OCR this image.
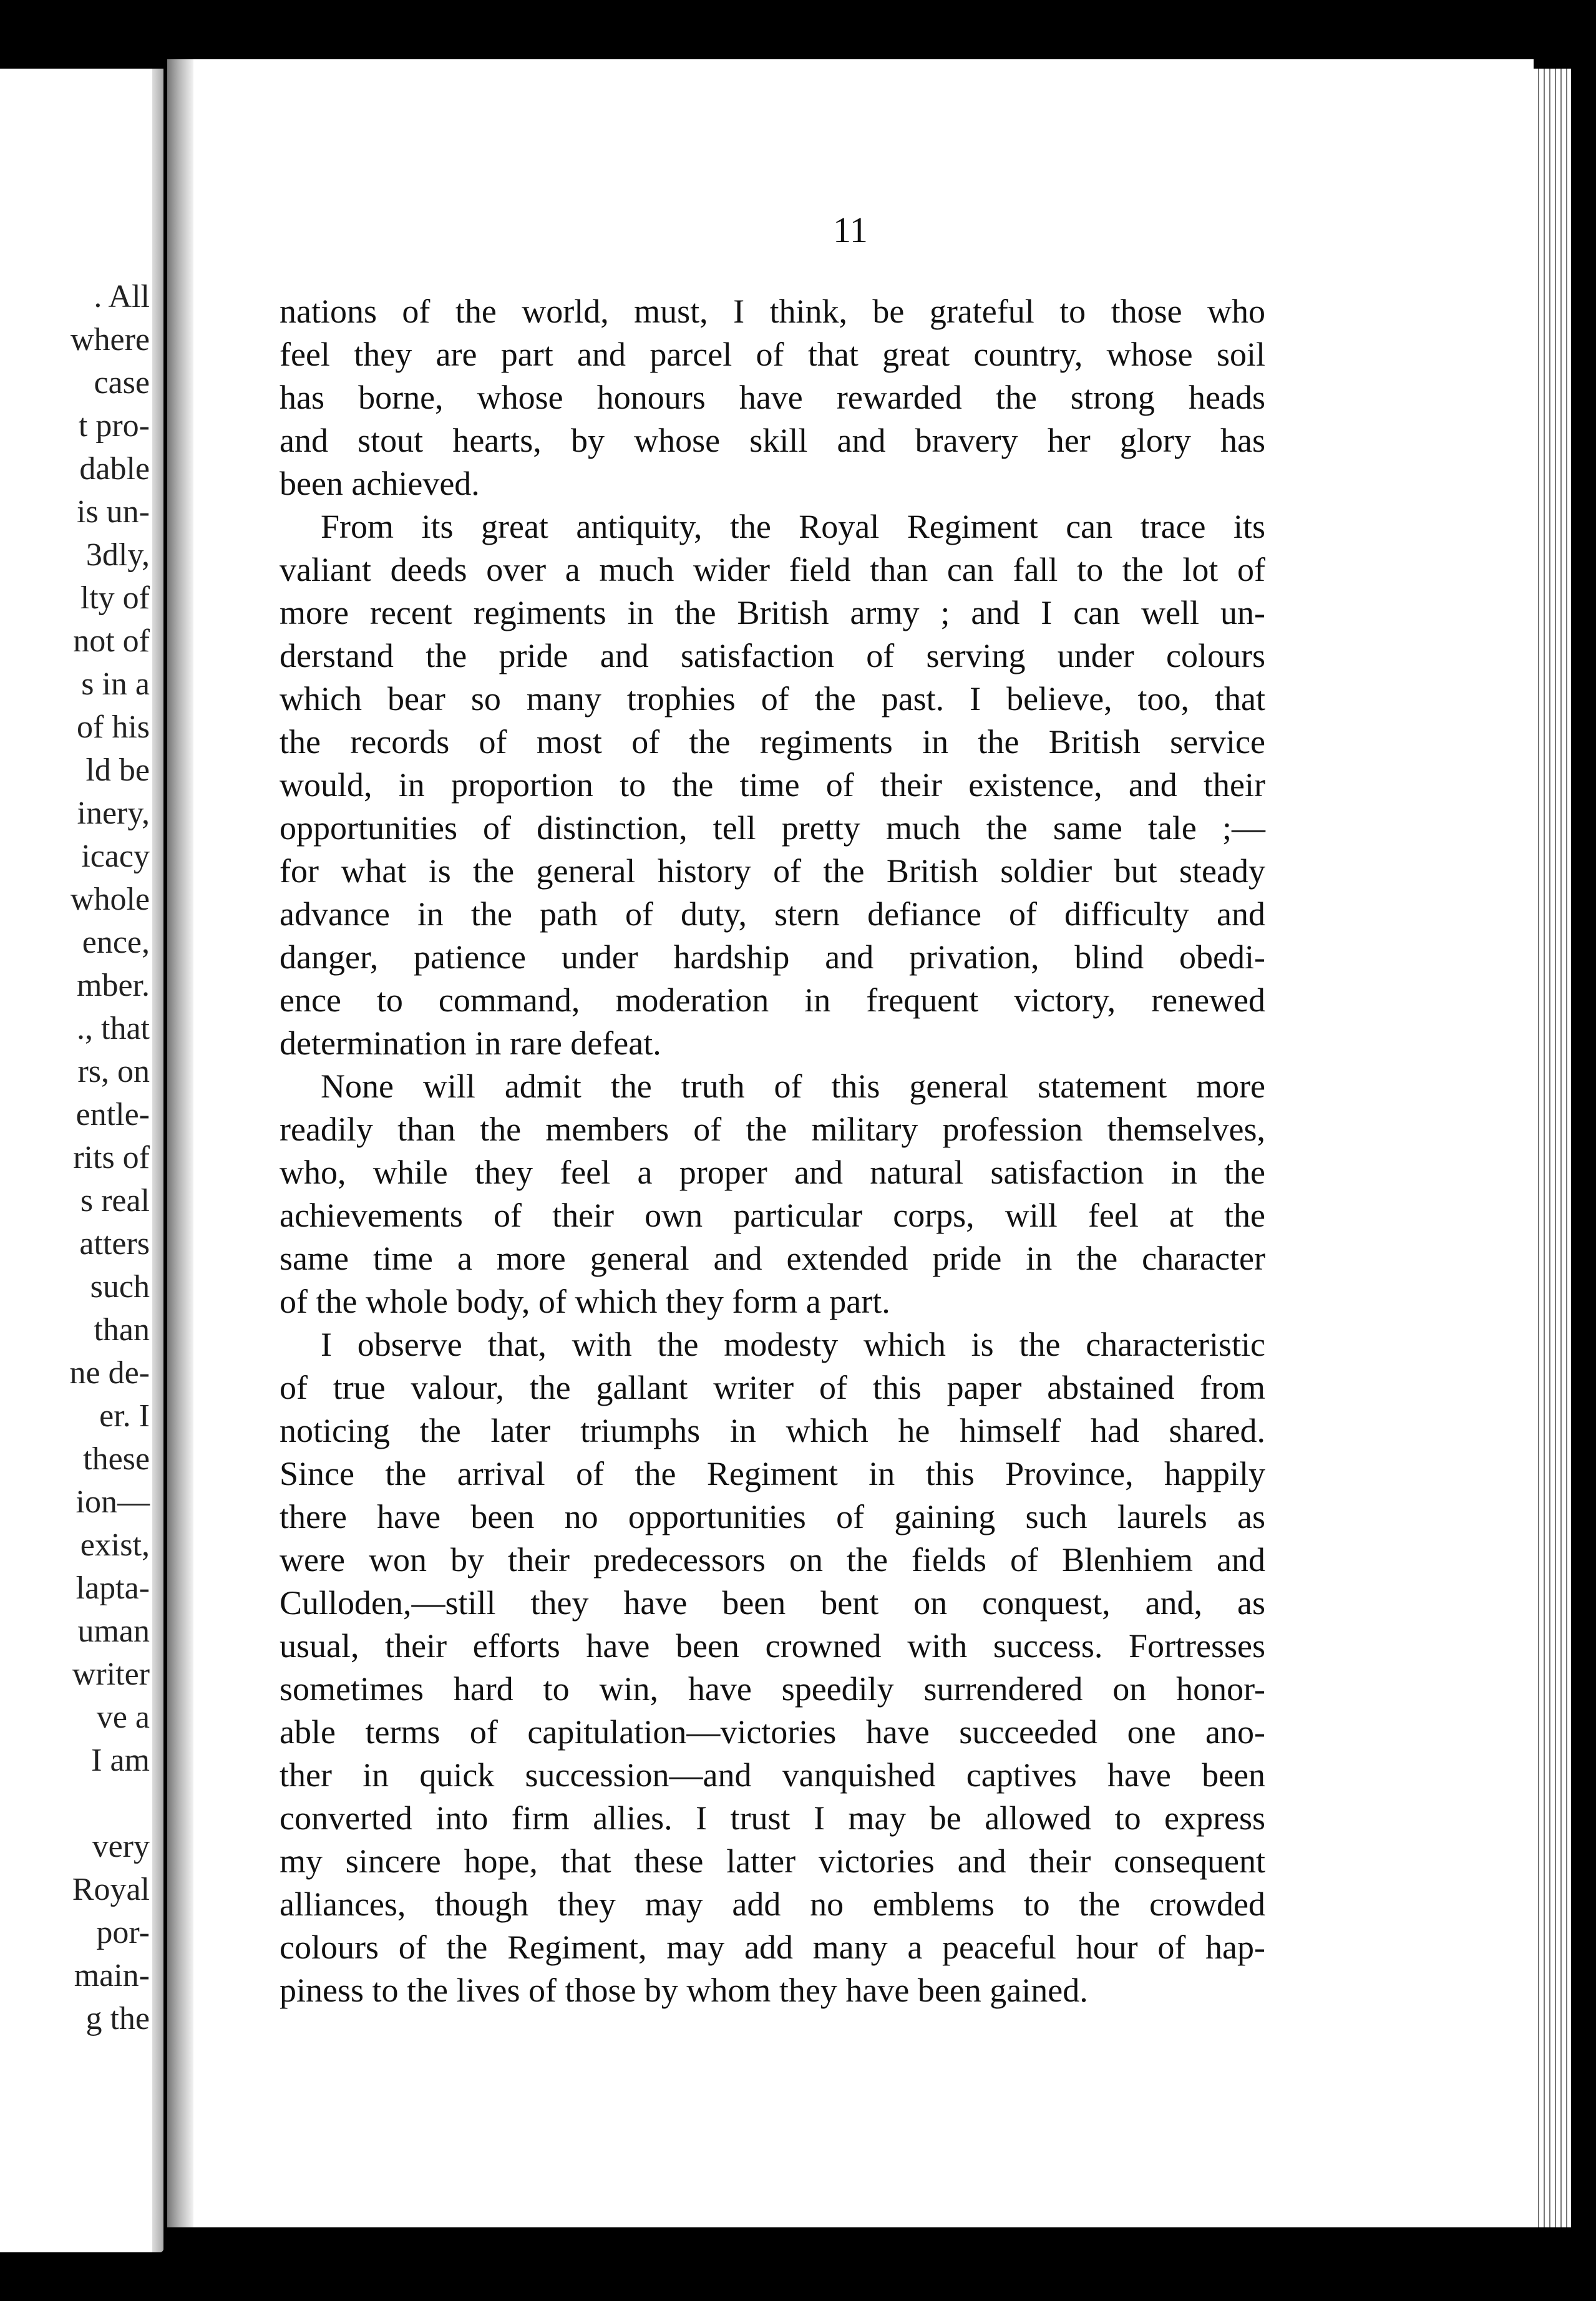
. All
where
case
t pro-
dable
is un-
3dly,
lty of
not of
s in a
of his
ld be
inery,
icacy
whole
ence,
mber.
., that
rs, on
entle-
rits of
s real
atters
such
than
ne de-
er. I
these
ion—
exist,
lapta-
uman
writer
ve a
I am
very
Royal
por-
main-
g the
11
nations of the world, must, I think, be grateful to those who
feel they are part and parcel of that great country, whose soil
has borne, whose honours have rewarded the strong heads
and stout hearts, by whose skill and bravery her glory has
been achieved.
From its great antiquity, the Royal Regiment can trace its
valiant deeds over a much wider field than can fall to the lot of
more recent regiments in the British army ; and I can well un-
derstand the pride and satisfaction of serving under colours
which bear so many trophies of the past. I believe, too, that
the records of most of the regiments in the British service
would, in proportion to the time of their existence, and their
opportunities of distinction, tell pretty much the same tale ;—
for what is the general history of the British soldier but steady
advance in the path of duty, stern defiance of difficulty and
danger, patience under hardship and privation, blind obedi-
ence to command, moderation in frequent victory, renewed
determination in rare defeat.
None will admit the truth of this general statement more
readily than the members of the military profession themselves,
who, while they feel a proper and natural satisfaction in the
achievements of their own particular corps, will feel at the
same time a more general and extended pride in the character
of the whole body, of which they form a part.
I observe that, with the modesty which is the characteristic
of true valour, the gallant writer of this paper abstained from
noticing the later triumphs in which he himself had shared.
Since the arrival of the Regiment in this Province, happily
there have been no opportunities of gaining such laurels as
were won by their predecessors on the fields of Blenhiem and
Culloden,—still they have been bent on conquest, and, as
usual, their efforts have been crowned with success. Fortresses
sometimes hard to win, have speedily surrendered on honor-
able terms of capitulation—victories have succeeded one ano-
ther in quick succession—and vanquished captives have been
converted into firm allies. I trust I may be allowed to express
my sincere hope, that these latter victories and their consequent
alliances, though they may add no emblems to the crowded
colours of the Regiment, may add many a peaceful hour of hap-
piness to the lives of those by whom they have been gained.
